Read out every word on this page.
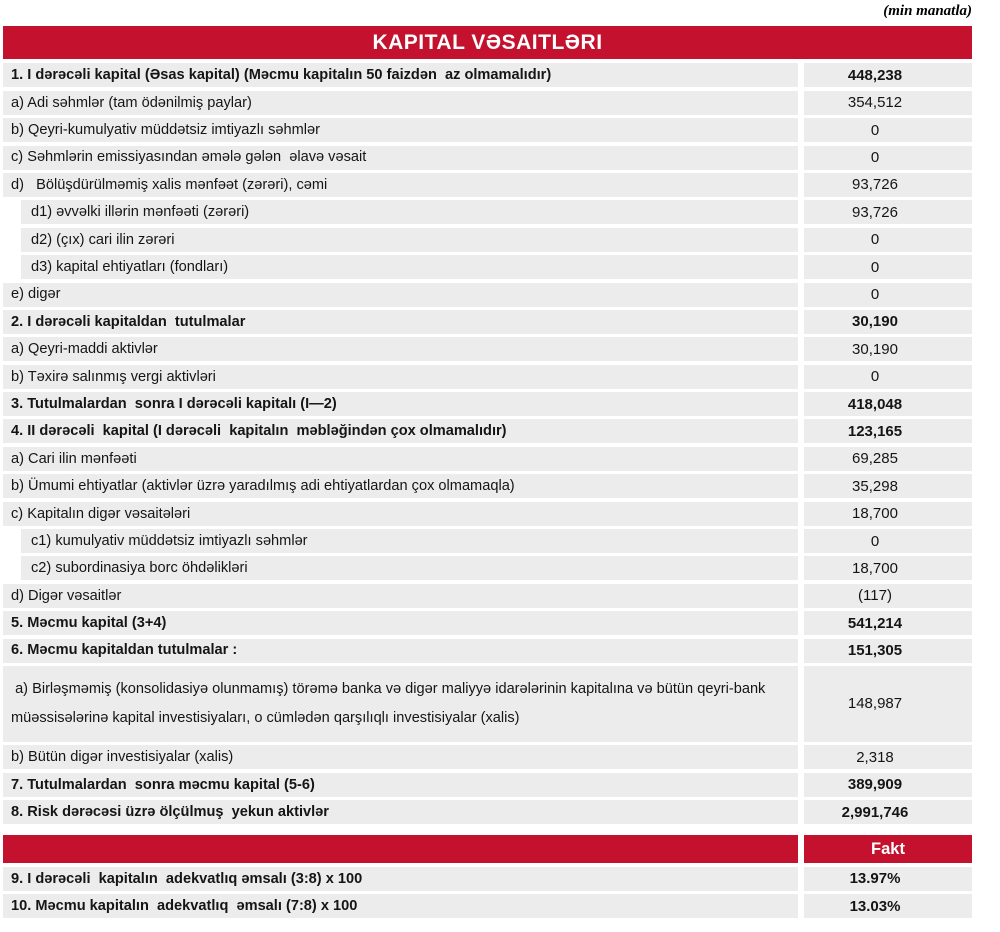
(min manatla)
KAPITAL VƏSAITLƏRI
1. I dərəcəli kapital (Əsas kapital) (Məcmu kapitalın 50 faizdən  az olmamalıdır)	448,238
a) Adi səhmlər (tam ödənilmiş paylar)	354,512
b) Qeyri-kumulyativ müddətsiz imtiyazlı səhmlər	0
c) Səhmlərin emissiyasından əmələ gələn  əlavə vəsait	0
d)   Bölüşdürülməmiş xalis mənfəət (zərəri), cəmi	93,726
d1) əvvəlki illərin mənfəəti (zərəri)	93,726
d2) (çıx) cari ilin zərəri	0
d3) kapital ehtiyatları (fondları)	0
e) digər	0
2. I dərəcəli kapitaldan  tutulmalar	30,190
a) Qeyri-maddi aktivlər	30,190
b) Təxirə salınmış vergi aktivləri	0
3. Tutulmalardan  sonra I dərəcəli kapitalı (I—2)	418,048
4. II dərəcəli  kapital (I dərəcəli  kapitalın  məbləğindən çox olmamalıdır)	123,165
a) Cari ilin mənfəəti	69,285
b) Ümumi ehtiyatlar (aktivlər üzrə yaradılmış adi ehtiyatlardan çox olmamaqla)	35,298
c) Kapitalın digər vəsaitələri	18,700
c1) kumulyativ müddətsiz imtiyazlı səhmlər	0
c2) subordinasiya borc öhdəlikləri	18,700
d) Digər vəsaitlər	(117)
5. Məcmu kapital (3+4)	541,214
6. Məcmu kapitaldan tutulmalar :	151,305
a) Birləşməmiş (konsolidasiyə olunmamış) törəmə banka və digər maliyyə idarələrinin kapitalına və bütün qeyri-bank müəssisələrinə kapital investisiyaları, o cümlədən qarşılıqlı investisiyalar (xalis)
148,987
b) Bütün digər investisiyalar (xalis)	2,318
7. Tutulmalardan  sonra məcmu kapital (5-6)	389,909
8. Risk dərəcəsi üzrə ölçülmuş  yekun aktivlər	2,991,746
Fakt
9. I dərəcəli  kapitalın  adekvatlıq əmsalı (3:8) x 100	13.97%
10. Məcmu kapitalın  adekvatlıq  əmsalı (7:8) x 100	13.03%
